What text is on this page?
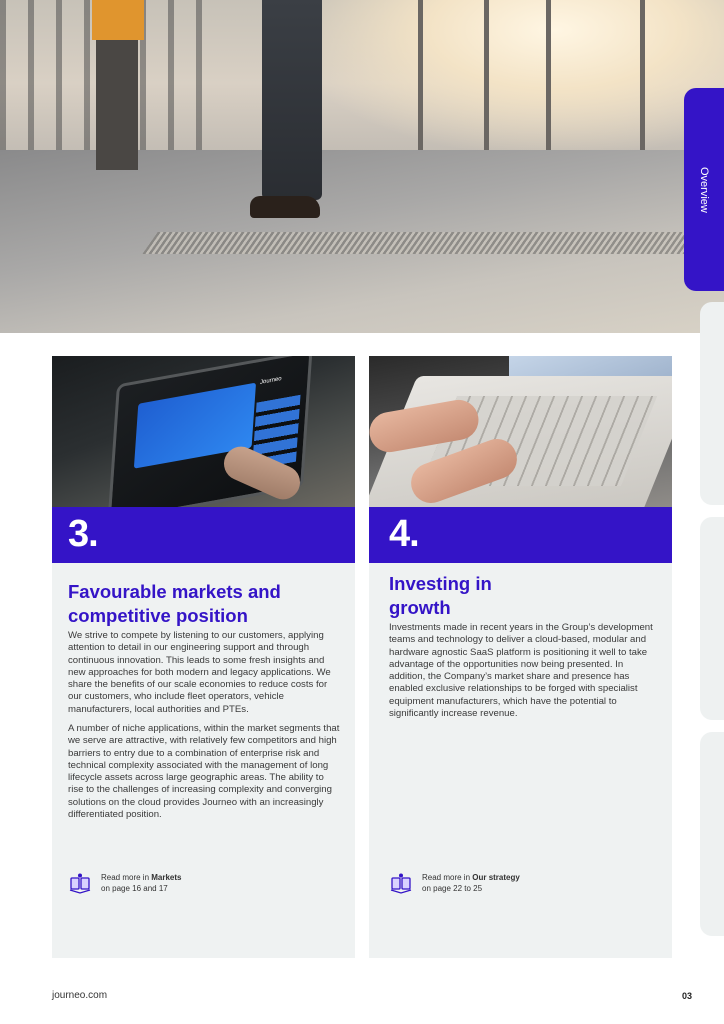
Overview
Journeo
3.
Favourable markets and
competitive position

We strive to compete by listening to our customers, applying attention to detail in our engineering support and through continuous innovation. This leads to some fresh insights and new approaches for both modern and legacy applications. We share the benefits of our scale economies to reduce costs for our customers, who include fleet operators, vehicle manufacturers, local authorities and PTEs.

A number of niche applications, within the market segments that we serve are attractive, with relatively few competitors and high barriers to entry due to a combination of enterprise risk and technical complexity associated with the management of long lifecycle assets across large geographic areas. The ability to rise to the challenges of increasing complexity and converging solutions on the cloud provides Journeo with an increasingly differentiated position.

Read more in Markets
on page 16 and 17
4.
Investing in
growth

Investments made in recent years in the Group’s development teams and technology to deliver a cloud-based, modular and hardware agnostic SaaS platform is positioning it well to take advantage of the opportunities now being presented. In addition, the Company’s market share and presence has enabled exclusive relationships to be forged with specialist equipment manufacturers, which have the potential to significantly increase revenue.

Read more in Our strategy
on page 22 to 25
journeo.com	03
